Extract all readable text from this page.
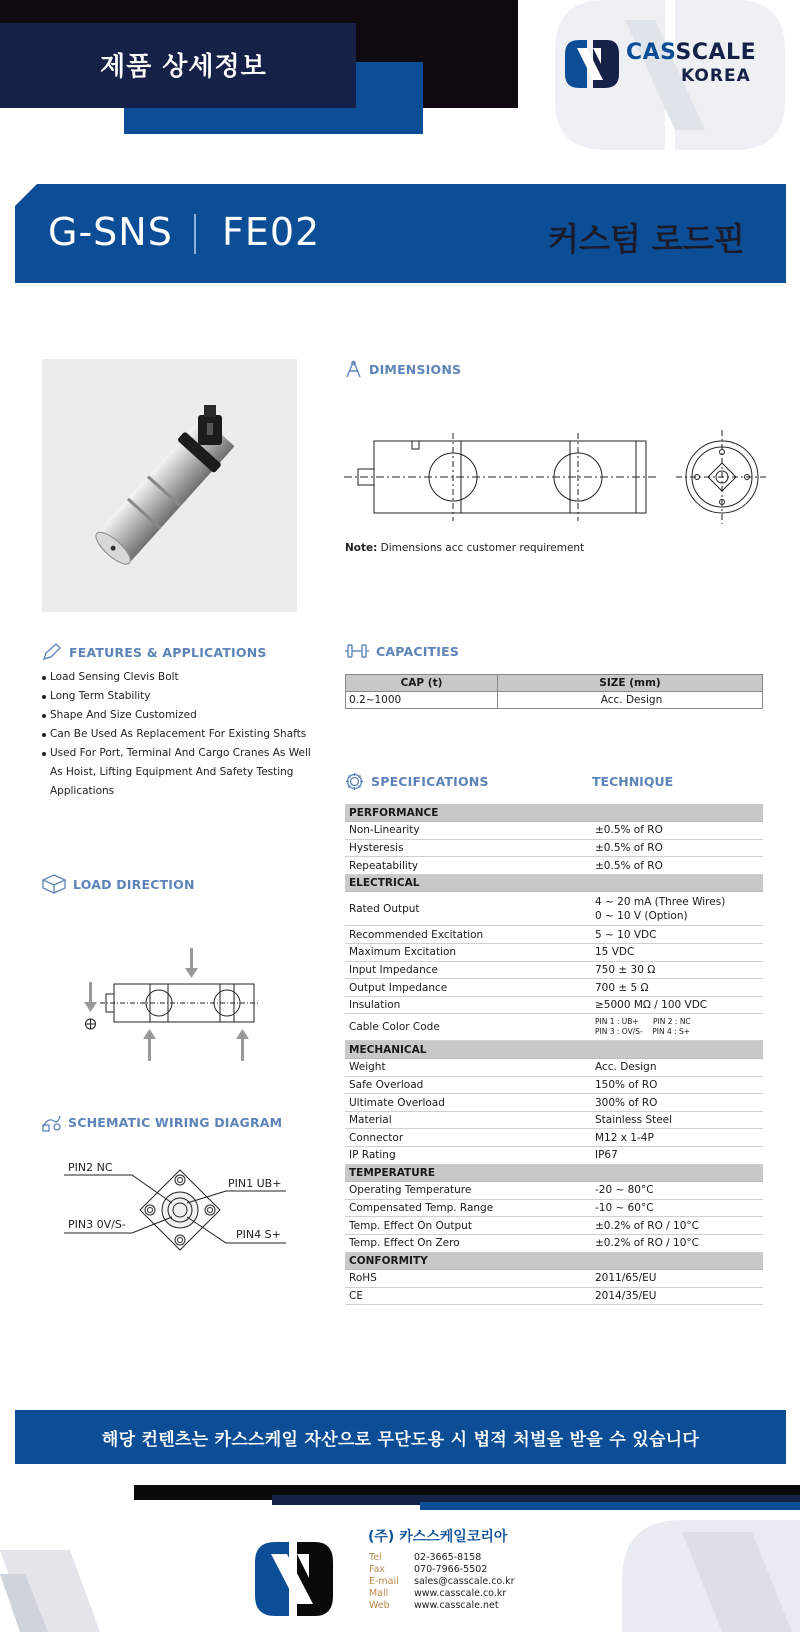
제품 상세정보	CASSCALE
KOREA
G-SNS FE02	커스텀 로드핀
DIMENSIONS
Note: Dimensions acc customer requirement
FEATURES & APPLICATIONS
Load Sensing Clevis Bolt
Long Term Stability
Shape And Size Customized
Can Be Used As Replacement For Existing Shafts
Used For Port, Terminal And Cargo Cranes As Well As Hoist, Lifting Equipment And Safety Testing Applications
CAPACITIES
CAP (t)	SIZE (mm)
0.2~1000	Acc. Design
SPECIFICATIONS	TECHNIQUE
PERFORMANCE	
Non-Linearity	±0.5% of RO
Hysteresis	±0.5% of RO
Repeatability	±0.5% of RO
ELECTRICAL	
Rated Output	4 ~ 20 mA (Three Wires)
0 ~ 10 V (Option)
Recommended Excitation	5 ~ 10 VDC
Maximum Excitation	15 VDC
Input Impedance	750 ± 30 Ω
Output Impedance	700 ± 5 Ω
Insulation	≥5000 MΩ / 100 VDC
Cable Color Code	PIN 1 : UB+      PIN 2 : NC
PIN 3 : OV/S-    PIN 4 : S+
MECHANICAL	
Weight	Acc. Design
Safe Overload	150% of RO
Ultimate Overload	300% of RO
Material	Stainless Steel
Connector	M12 x 1-4P
IP Rating	IP67
TEMPERATURE	
Operating Temperature	-20 ~ 80°C
Compensated Temp. Range	-10 ~ 60°C
Temp. Effect On Output	±0.2% of RO / 10°C
Temp. Effect On Zero	±0.2% of RO / 10°C
CONFORMITY	
RoHS	2011/65/EU
CE	2014/35/EU
LOAD DIRECTION
SCHEMATIC WIRING DIAGRAM
PIN2 NC
PIN1 UB+
PIN3 0V/S-
PIN4 S+
해당 컨텐츠는 카스스케일 자산으로 무단도용 시 법적 처벌을 받을 수 있습니다
(주) 카스스케일코리아
Tel	02-3665-8158
Fax	070-7966-5502
E-mail sales@casscale.co.kr
Mall	www.casscale.co.kr
Web	www.casscale.net
